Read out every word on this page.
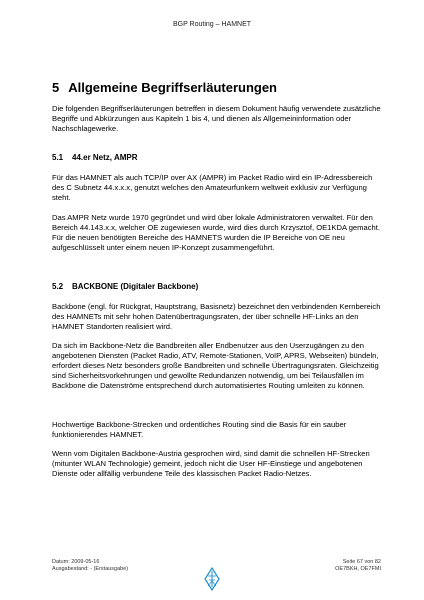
BGP Routing – HAMNET
5 Allgemeine Begriffserläuterungen

Die folgenden Begriffserläuterungen betreffen in diesem Dokument häufig verwendete zusätzliche Begriffe und Abkürzungen aus Kapiteln 1 bis 4, und dienen als Allgemeininformation oder Nachschlagewerke.

5.1 44.er Netz, AMPR

Für das HAMNET als auch TCP/IP over AX (AMPR) im Packet Radio wird ein IP-Adressbereich des C Subnetz 44.x.x.x, genutzt welches den Amateurfunkern weltweit exklusiv zur Verfügung steht.

Das AMPR Netz wurde 1970 gegründet und wird über lokale Administratoren verwaltet. Für den Bereich 44.143.x.x, welcher OE zugewiesen wurde, wird dies durch Krzysztof, OE1KDA gemacht. Für die neuen benötigten Bereiche des HAMNETS wurden die IP Bereiche von OE neu aufgeschlüsselt unter einem neuen IP-Konzept zusammengeführt.

5.2 BACKBONE (Digitaler Backbone)

Backbone (engl. für Rückgrat, Hauptstrang, Basisnetz) bezeichnet den verbindenden Kernbereich des HAMNETs mit sehr hohen Datenübertragungsraten, der über schnelle HF-Links an den HAMNET Standorten realisiert wird.

Da sich im Backbone-Netz die Bandbreiten aller Endbenutzer aus den Userzugängen zu den angebotenen Diensten (Packet Radio, ATV, Remote-Stationen, VoIP, APRS, Webseiten) bündeln, erfordert dieses Netz besonders große Bandbreiten und schnelle Übertragungsraten. Gleichzeitig sind Sicherheitsvorkehrungen und gewollte Redundanzen notwendig, um bei Teilausfällen im Backbone die Datenströme entsprechend durch automatisiertes Routing umleiten zu können.

Hochwertige Backbone-Strecken und ordentliches Routing sind die Basis für ein sauber funktionierendes HAMNET.

Wenn vom Digitalen Backbone-Austria gesprochen wird, sind damit die schnellen HF-Strecken (mitunter WLAN Technologie) gemeint, jedoch nicht die User HF-Einstiege und angebotenen Dienste oder allfällig verbundene Teile des klassischen Packet Radio-Netzes.

Datum: 2009-05-16
Ausgabestand: - (Erstausgabe)
Seite 67 von 82
OE7BKH, OE7FMI
